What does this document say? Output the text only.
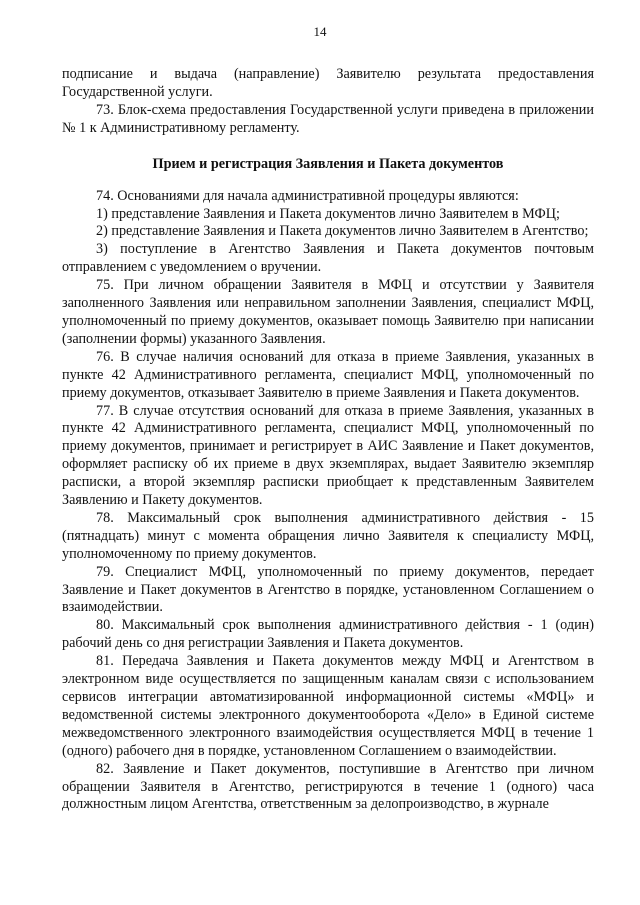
14

подписание и выдача (направление) Заявителю результата предоставления Государственной услуги.

73. Блок-схема предоставления Государственной услуги приведена в приложении № 1 к Административному регламенту.

Прием и регистрация Заявления и Пакета документов

74. Основаниями для начала административной процедуры являются:

1) представление Заявления и Пакета документов лично Заявителем в МФЦ;

2) представление Заявления и Пакета документов лично Заявителем в Агентство;

3) поступление в Агентство Заявления и Пакета документов почтовым отправлением с уведомлением о вручении.

75. При личном обращении Заявителя в МФЦ и отсутствии у Заявителя заполненного Заявления или неправильном заполнении Заявления, специалист МФЦ, уполномоченный по приему документов, оказывает помощь Заявителю при написании (заполнении формы) указанного Заявления.

76. В случае наличия оснований для отказа в приеме Заявления, указанных в пункте 42 Административного регламента, специалист МФЦ, уполномоченный по приему документов, отказывает Заявителю в приеме Заявления и Пакета документов.

77. В случае отсутствия оснований для отказа в приеме Заявления, указанных в пункте 42 Административного регламента, специалист МФЦ, уполномоченный по приему документов, принимает и регистрирует в АИС Заявление и Пакет документов, оформляет расписку об их приеме в двух экземплярах, выдает Заявителю экземпляр расписки, а второй экземпляр расписки приобщает к представленным Заявителем Заявлению и Пакету документов.

78. Максимальный срок выполнения административного действия - 15 (пятнадцать) минут с момента обращения лично Заявителя к специалисту МФЦ, уполномоченному по приему документов.

79. Специалист МФЦ, уполномоченный по приему документов, передает Заявление и Пакет документов в Агентство в порядке, установленном Соглашением о взаимодействии.

80. Максимальный срок выполнения административного действия - 1 (один) рабочий день со дня регистрации Заявления и Пакета документов.

81. Передача Заявления и Пакета документов между МФЦ и Агентством в электронном виде осуществляется по защищенным каналам связи с использованием сервисов интеграции автоматизированной информационной системы «МФЦ» и ведомственной системы электронного документооборота «Дело» в Единой системе межведомственного электронного взаимодействия осуществляется МФЦ в течение 1 (одного) рабочего дня в порядке, установленном Соглашением о взаимодействии.

82. Заявление и Пакет документов, поступившие в Агентство при личном обращении Заявителя в Агентство, регистрируются в течение 1 (одного) часа должностным лицом Агентства, ответственным за делопроизводство, в журнале
